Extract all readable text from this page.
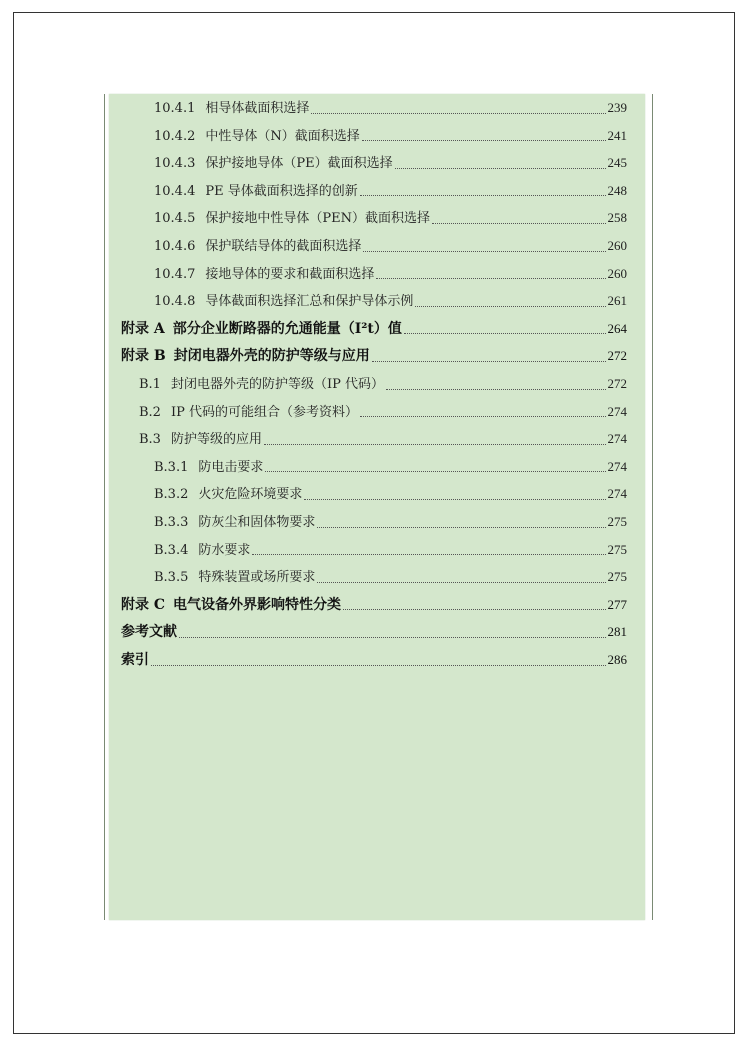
10.4.1 相导体截面积选择	239
10.4.2 中性导体（N）截面积选择	241
10.4.3 保护接地导体（PE）截面积选择	245
10.4.4 PE 导体截面积选择的创新	248
10.4.5 保护接地中性导体（PEN）截面积选择	258
10.4.6 保护联结导体的截面积选择	260
10.4.7 接地导体的要求和截面积选择	260
10.4.8 导体截面积选择汇总和保护导体示例	261
附录 A 部分企业断路器的允通能量（I²t）值	264
附录 B 封闭电器外壳的防护等级与应用	272
B.1 封闭电器外壳的防护等级（IP 代码）	272
B.2 IP 代码的可能组合（参考资料）	274
B.3 防护等级的应用	274
B.3.1 防电击要求	274
B.3.2 火灾危险环境要求	274
B.3.3 防灰尘和固体物要求	275
B.3.4 防水要求	275
B.3.5 特殊装置或场所要求	275
附录 C 电气设备外界影响特性分类	277
参考文献	281
索引	286
